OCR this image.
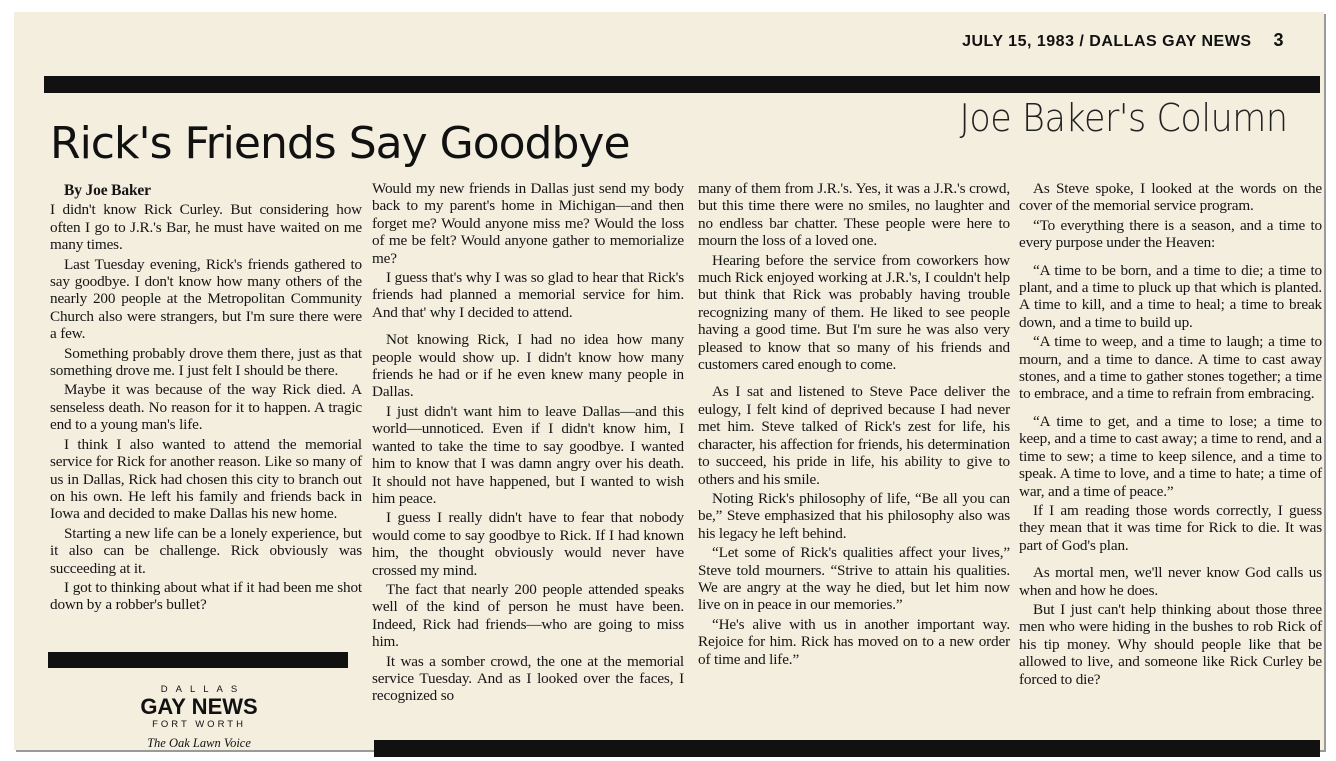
JULY 15, 1983 / DALLAS GAY NEWS 3
Joe Baker's Column
Rick's Friends Say Goodbye

By Joe Baker

I didn't know Rick Curley. But considering how often I go to J.R.'s Bar, he must have waited on me many times.

Last Tuesday evening, Rick's friends gathered to say goodbye. I don't know how many others of the nearly 200 people at the Metropolitan Community Church also were strangers, but I'm sure there were a few.

Something probably drove them there, just as that something drove me. I just felt I should be there.

Maybe it was because of the way Rick died. A senseless death. No reason for it to happen. A tragic end to a young man's life.

I think I also wanted to attend the memorial service for Rick for another reason. Like so many of us in Dallas, Rick had chosen this city to branch out on his own. He left his family and friends back in Iowa and decided to make Dallas his new home.

Starting a new life can be a lonely experience, but it also can be challenge. Rick obviously was succeeding at it.

I got to thinking about what if it had been me shot down by a robber's bullet?

Would my new friends in Dallas just send my body back to my parent's home in Michigan—and then forget me? Would anyone miss me? Would the loss of me be felt? Would anyone gather to memorialize me?

I guess that's why I was so glad to hear that Rick's friends had planned a memorial service for him. And that' why I decided to attend.

Not knowing Rick, I had no idea how many people would show up. I didn't know how many friends he had or if he even knew many people in Dallas.

I just didn't want him to leave Dallas—and this world—unnoticed. Even if I didn't know him, I wanted to take the time to say goodbye. I wanted him to know that I was damn angry over his death. It should not have happened, but I wanted to wish him peace.

I guess I really didn't have to fear that nobody would come to say goodbye to Rick. If I had known him, the thought obviously would never have crossed my mind.

The fact that nearly 200 people attended speaks well of the kind of person he must have been. Indeed, Rick had friends—who are going to miss him.

It was a somber crowd, the one at the memorial service Tuesday. And as I looked over the faces, I recognized so

many of them from J.R.'s. Yes, it was a J.R.'s crowd, but this time there were no smiles, no laughter and no endless bar chatter. These people were here to mourn the loss of a loved one.

Hearing before the service from coworkers how much Rick enjoyed working at J.R.'s, I couldn't help but think that Rick was probably having trouble recognizing many of them. He liked to see people having a good time. But I'm sure he was also very pleased to know that so many of his friends and customers cared enough to come.

As I sat and listened to Steve Pace deliver the eulogy, I felt kind of deprived because I had never met him. Steve talked of Rick's zest for life, his character, his affection for friends, his determination to succeed, his pride in life, his ability to give to others and his smile.

Noting Rick's philosophy of life, “Be all you can be,” Steve emphasized that his philosophy also was his legacy he left behind.

“Let some of Rick's qualities affect your lives,” Steve told mourners. “Strive to attain his qualities. We are angry at the way he died, but let him now live on in peace in our memories.”

“He's alive with us in another important way. Rejoice for him. Rick has moved on to a new order of time and life.”

As Steve spoke, I looked at the words on the cover of the memorial service program.

“To everything there is a season, and a time to every purpose under the Heaven:

“A time to be born, and a time to die; a time to plant, and a time to pluck up that which is planted. A time to kill, and a time to heal; a time to break down, and a time to build up.

“A time to weep, and a time to laugh; a time to mourn, and a time to dance. A time to cast away stones, and a time to gather stones together; a time to embrace, and a time to refrain from embracing.

“A time to get, and a time to lose; a time to keep, and a time to cast away; a time to rend, and a time to sew; a time to keep silence, and a time to speak. A time to love, and a time to hate; a time of war, and a time of peace.”

If I am reading those words correctly, I guess they mean that it was time for Rick to die. It was part of God's plan.

As mortal men, we'll never know God calls us when and how he does.

But I just can't help thinking about those three men who were hiding in the bushes to rob Rick of his tip money. Why should people like that be allowed to live, and someone like Rick Curley be forced to die?

DALLAS
GAY NEWS
FORT WORTH
The Oak Lawn Voice
